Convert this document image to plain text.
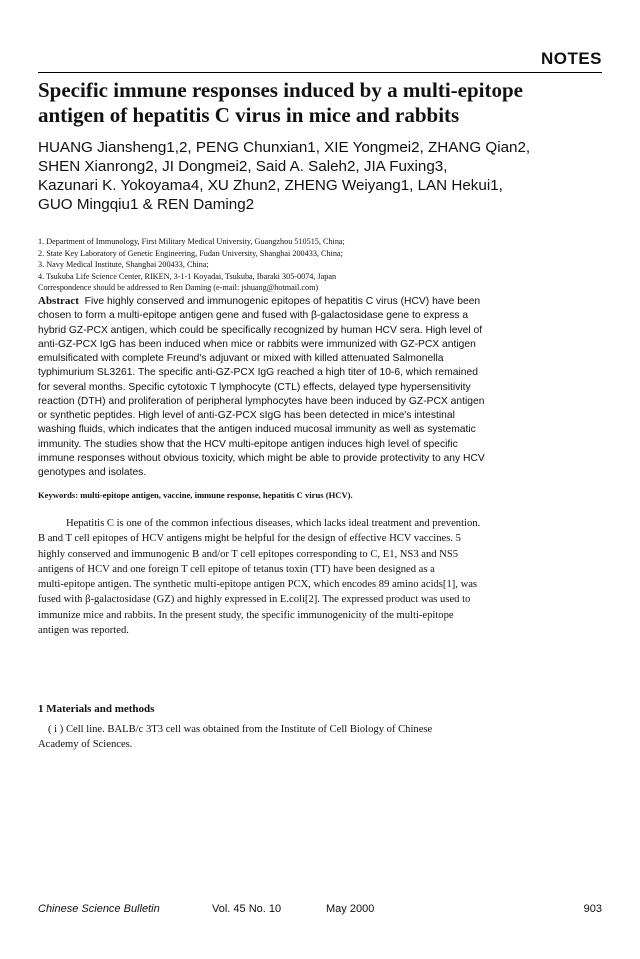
NOTES
Specific immune responses induced by a multi-epitope
antigen of hepatitis C virus in mice and rabbits
HUANG Jiansheng1,2, PENG Chunxian1, XIE Yongmei2, ZHANG Qian2,
SHEN Xianrong2, JI Dongmei2, Said A. Saleh2, JIA Fuxing3,
Kazunari K. Yokoyama4, XU Zhun2, ZHENG Weiyang1, LAN Hekui1,
GUO Mingqiu1 & REN Daming2
1. Department of Immunology, First Military Medical University, Guangzhou 510515, China;
2. State Key Laboratory of Genetic Engineering, Fudan University, Shanghai 200433, China;
3. Navy Medical Institute, Shanghai 200433, China;
4. Tsukuba Life Science Center, RIKEN, 3-1-1 Koyadai, Tsukuba, Ibaraki 305-0074, Japan
Correspondence should be addressed to Ren Daming (e-mail: jshuang@hotmail.com)
Abstract Five highly conserved and immunogenic epitopes of hepatitis C virus (HCV) have been
chosen to form a multi-epitope antigen gene and fused with β-galactosidase gene to express a
hybrid GZ-PCX antigen, which could be specifically recognized by human HCV sera. High level of
anti-GZ-PCX IgG has been induced when mice or rabbits were immunized with GZ-PCX antigen
emulsificated with complete Freund's adjuvant or mixed with killed attenuated Salmonella
typhimurium SL3261. The specific anti-GZ-PCX IgG reached a high titer of 10-6, which remained
for several months. Specific cytotoxic T lymphocyte (CTL) effects, delayed type hypersensitivity
reaction (DTH) and proliferation of peripheral lymphocytes have been induced by GZ-PCX antigen
or synthetic peptides. High level of anti-GZ-PCX sIgG has been detected in mice's intestinal
washing fluids, which indicates that the antigen induced mucosal immunity as well as systematic
immunity. The studies show that the HCV multi-epitope antigen induces high level of specific
immune responses without obvious toxicity, which might be able to provide protectivity to any HCV
genotypes and isolates.
Keywords: multi-epitope antigen, vaccine, immune response, hepatitis C virus (HCV).
Hepatitis C is one of the common infectious diseases, which lacks ideal treatment and prevention.
B and T cell epitopes of HCV antigens might be helpful for the design of effective HCV vaccines. 5
highly conserved and immunogenic B and/or T cell epitopes corresponding to C, E1, NS3 and NS5
antigens of HCV and one foreign T cell epitope of tetanus toxin (TT) have been designed as a
multi-epitope antigen. The synthetic multi-epitope antigen PCX, which encodes 89 amino acids[1], was
fused with β-galactosidase (GZ) and highly expressed in E.coli[2]. The expressed product was used to
immunize mice and rabbits. In the present study, the specific immunogenicity of the multi-epitope
antigen was reported.
1 Materials and methods
( i ) Cell line. BALB/c 3T3 cell was obtained from the Institute of Cell Biology of Chinese
Academy of Sciences.
Chinese Science Bulletin	Vol. 45 No. 10	May 2000	903
